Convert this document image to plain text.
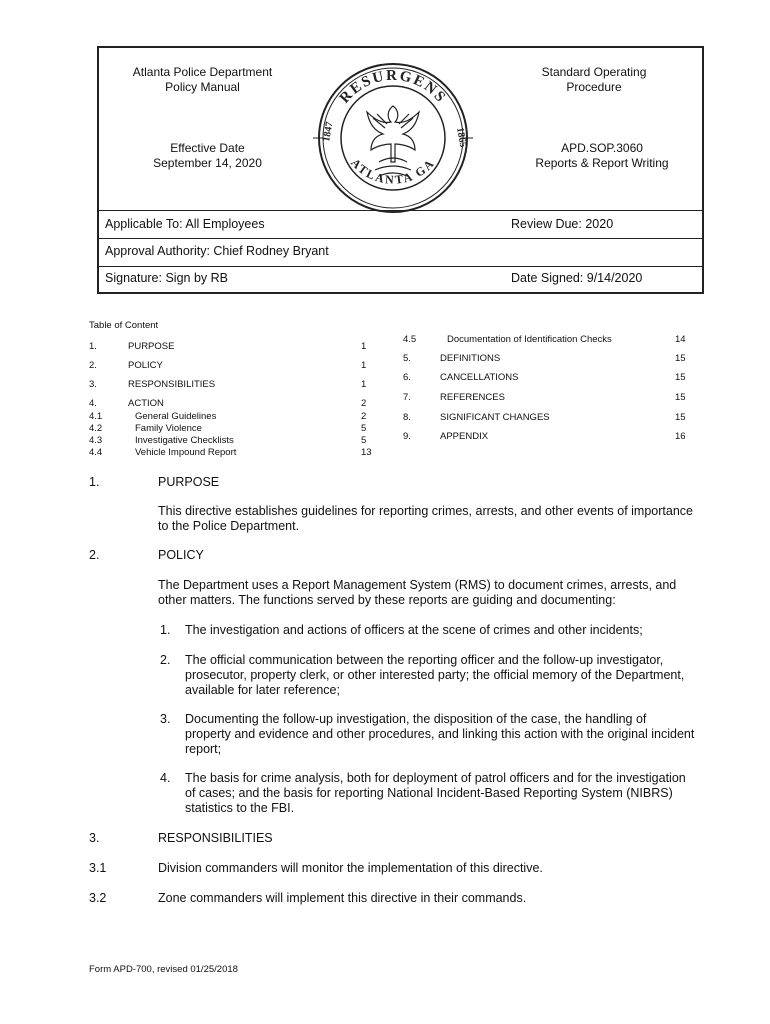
Atlanta Police Department
Policy Manual
Standard Operating
Procedure
Effective Date
September 14, 2020
APD.SOP.3060
Reports & Report Writing
RESURGENS
ATLANTA GA
1847	1865
Applicable To: All Employees	Review Due: 2020
Approval Authority: Chief Rodney Bryant
Signature: Sign by RB	Date Signed: 9/14/2020
Table of Content
1.	PURPOSE	1
2.	POLICY	1
3.	RESPONSIBILITIES	1
4.	ACTION	2
4.1	General Guidelines	2
4.2	Family Violence	5
4.3	Investigative Checklists	5
4.4	Vehicle Impound Report	13
4.5	Documentation of Identification Checks	14
5.	DEFINITIONS	15
6.	CANCELLATIONS	15
7.	REFERENCES	15
8.	SIGNIFICANT CHANGES	15
9.	APPENDIX	16
1.	PURPOSE
This directive establishes guidelines for reporting crimes, arrests, and other events of importance
to the Police Department.
2.	POLICY
The Department uses a Report Management System (RMS) to document crimes, arrests, and
other matters. The functions served by these reports are guiding and documenting:
1. The investigation and actions of officers at the scene of crimes and other incidents;
2. The official communication between the reporting officer and the follow-up investigator,
prosecutor, property clerk, or other interested party; the official memory of the Department,
available for later reference;
3. Documenting the follow-up investigation, the disposition of the case, the handling of
property and evidence and other procedures, and linking this action with the original incident
report;
4. The basis for crime analysis, both for deployment of patrol officers and for the investigation
of cases; and the basis for reporting National Incident-Based Reporting System (NIBRS)
statistics to the FBI.
3.	RESPONSIBILITIES
3.1	Division commanders will monitor the implementation of this directive.
3.2	Zone commanders will implement this directive in their commands.
Form APD-700, revised 01/25/2018
